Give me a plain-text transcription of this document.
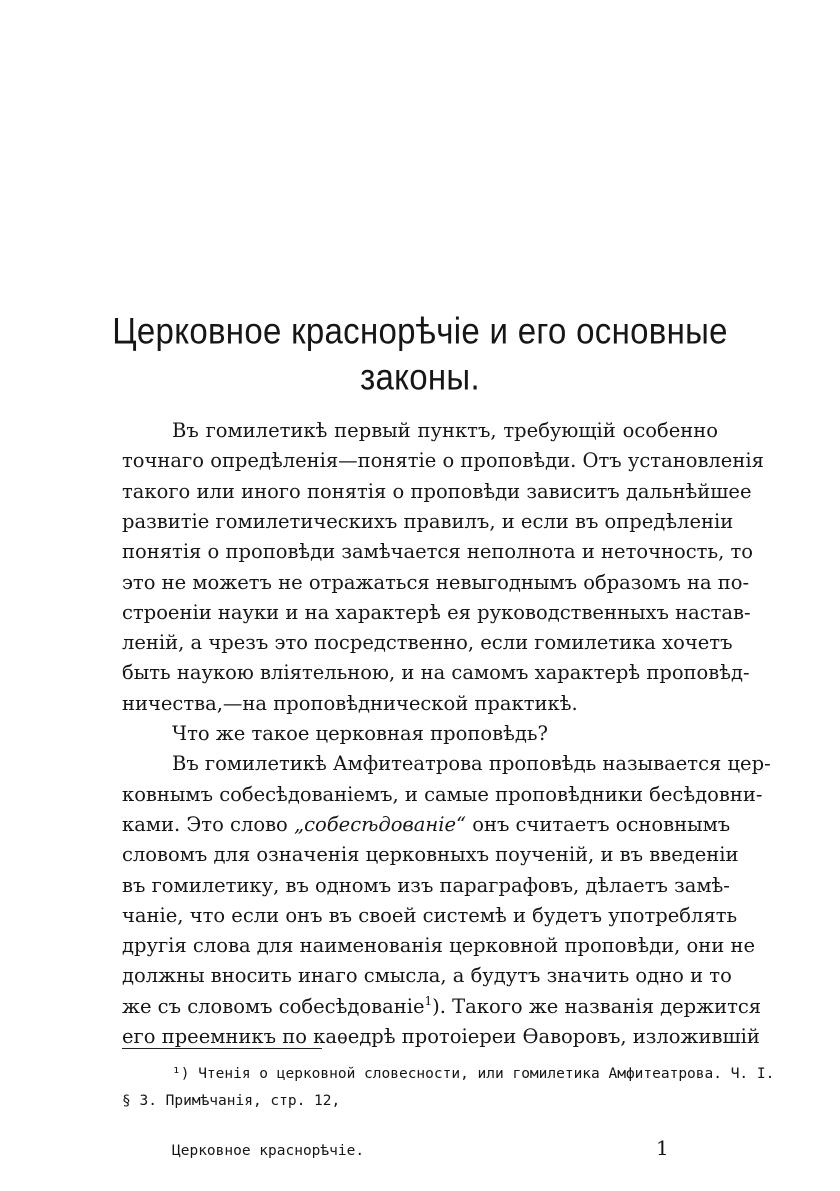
Церковное краснорѣчіе и его основные
законы.

Въ гомилетикѣ первый пунктъ, требующій особенно

точнаго опредѣленія—понятіе о проповѣди. Отъ установленія

такого или иного понятія о проповѣди зависитъ дальнѣйшее

развитіе гомилетическихъ правилъ, и если въ опредѣленіи

понятія о проповѣди замѣчается неполнота и неточность, то

это не можетъ не отражаться невыгоднымъ образомъ на по-

строеніи науки и на характерѣ ея руководственныхъ настав-

леній, а чрезъ это посредственно, если гомилетика хочетъ

быть наукою вліятельною, и на самомъ характерѣ проповѣд-

ничества,—на проповѣднической практикѣ.

Что же такое церковная проповѣдь?

Въ гомилетикѣ Амфитеатрова проповѣдь называется цер-

ковнымъ собесѣдованіемъ, и самые проповѣдники бесѣдовни-

ками. Это слово „собесѣдованіе“ онъ считаетъ основнымъ

словомъ для означенія церковныхъ поученій, и въ введеніи

въ гомилетику, въ одномъ изъ параграфовъ, дѣлаетъ замѣ-

чаніе, что если онъ въ своей системѣ и будетъ употреблять

другія слова для наименованія церковной проповѣди, они не

должны вносить инаго смысла, а будутъ значить одно и то

же съ словомъ собесѣдованіе$^1$). Такого же названія держится

его преемникъ по каѳедрѣ протоіереи Ѳаворовъ, изложившій

¹) Чтенія о церковной словесности, или гомилетика Амфитеатрова. Ч. I.

§ 3. Примѣчанія, стр. 12,

Церковное краснорѣчіе.	1
